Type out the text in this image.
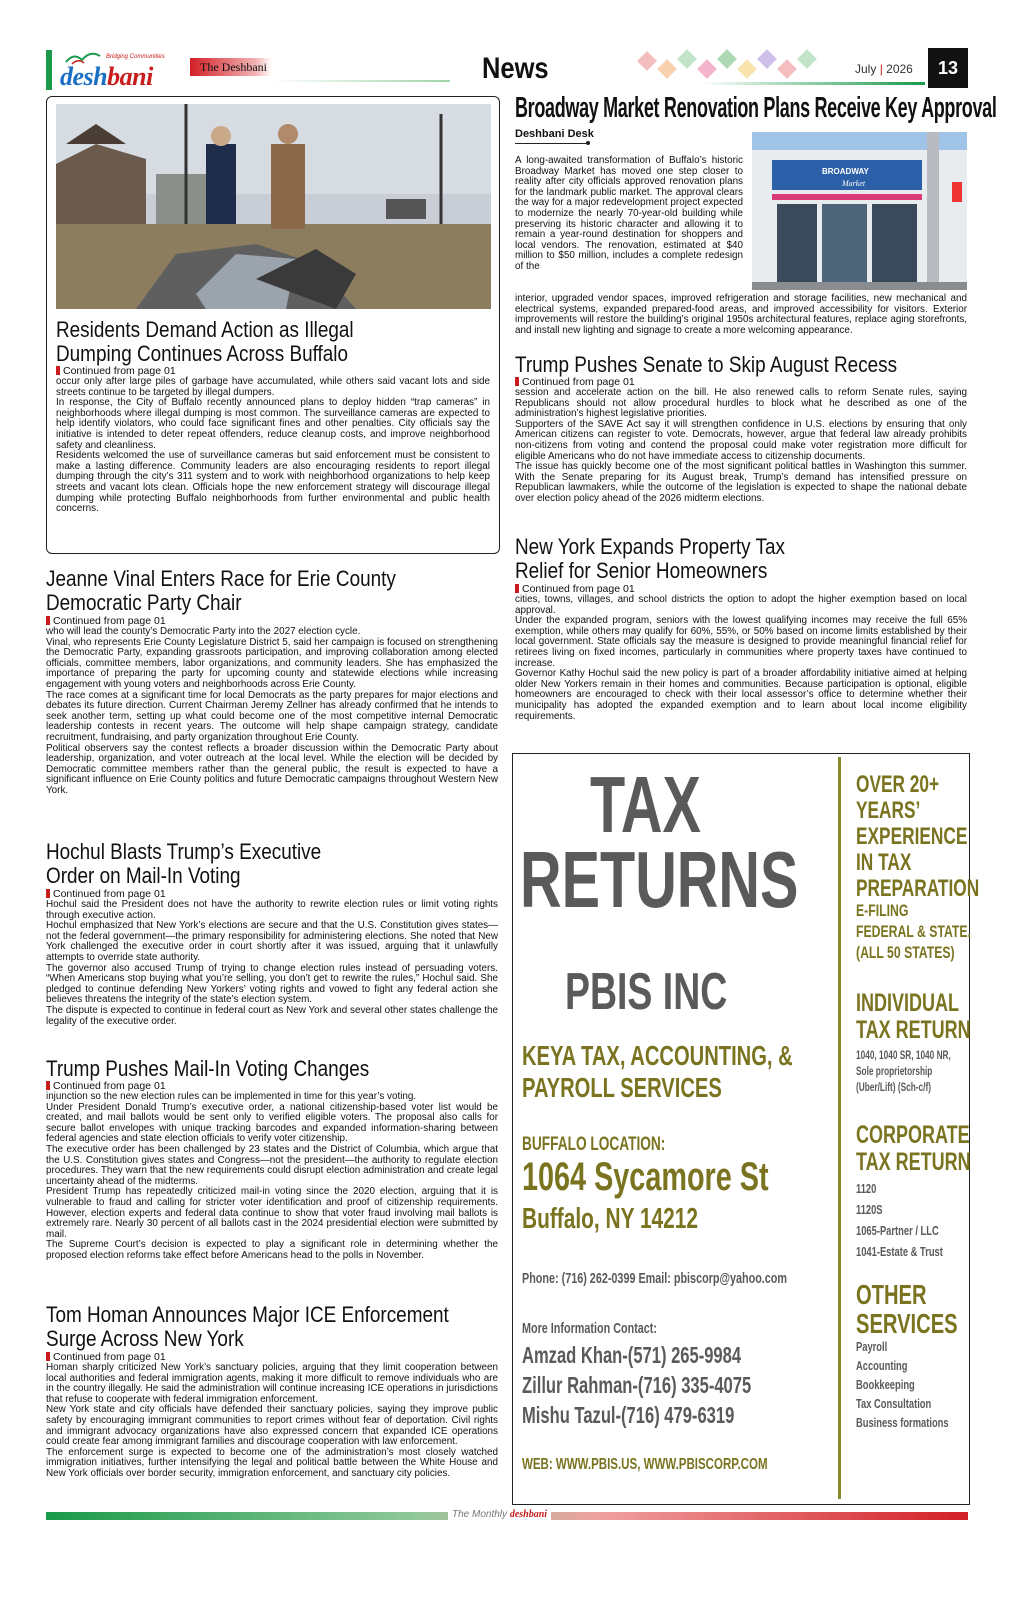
Bridging Communities
deshbani	The Deshbani	News	July | 2026	13
Residents Demand Action as Illegal
Dumping Continues Across Buffalo
Continued from page 01

occur only after large piles of garbage have accumulated, while others said vacant lots and side streets continue to be targeted by illegal dumpers.

In response, the City of Buffalo recently announced plans to deploy hidden “trap cameras” in neighborhoods where illegal dumping is most common. The surveillance cameras are expected to help identify violators, who could face significant fines and other penalties. City officials say the initiative is intended to deter repeat offenders, reduce cleanup costs, and improve neighborhood safety and cleanliness.

Residents welcomed the use of surveillance cameras but said enforcement must be consistent to make a lasting difference. Community leaders are also encouraging residents to report illegal dumping through the city’s 311 system and to work with neighborhood organizations to help keep streets and vacant lots clean. Officials hope the new enforcement strategy will discourage illegal dumping while protecting Buffalo neighborhoods from further environmental and public health concerns.

Broadway Market Renovation Plans Receive Key Approval
Deshbani Desk
BROADWAY
Market
A long-awaited transformation of Buffalo’s historic Broadway Market has moved one step closer to reality after city officials approved renovation plans for the landmark public market. The approval clears the way for a major redevelopment project expected to modernize the nearly 70-year-old building while preserving its historic character and allowing it to remain a year-round destination for shoppers and local vendors. The renovation, estimated at $40 million to $50 million, includes a complete redesign of the
interior, upgraded vendor spaces, improved refrigeration and storage facilities, new mechanical and electrical systems, expanded prepared-food areas, and improved accessibility for visitors. Exterior improvements will restore the building’s original 1950s architectural features, replace aging storefronts, and install new lighting and signage to create a more welcoming appearance.
Trump Pushes Senate to Skip August Recess
Continued from page 01

session and accelerate action on the bill. He also renewed calls to reform Senate rules, saying Republicans should not allow procedural hurdles to block what he described as one of the administration’s highest legislative priorities.

Supporters of the SAVE Act say it will strengthen confidence in U.S. elections by ensuring that only American citizens can register to vote. Democrats, however, argue that federal law already prohibits non-citizens from voting and contend the proposal could make voter registration more difficult for eligible Americans who do not have immediate access to citizenship documents.

The issue has quickly become one of the most significant political battles in Washington this summer. With the Senate preparing for its August break, Trump’s demand has intensified pressure on Republican lawmakers, while the outcome of the legislation is expected to shape the national debate over election policy ahead of the 2026 midterm elections.

New York Expands Property Tax
Relief for Senior Homeowners
Continued from page 01

cities, towns, villages, and school districts the option to adopt the higher exemption based on local approval.

Under the expanded program, seniors with the lowest qualifying incomes may receive the full 65% exemption, while others may qualify for 60%, 55%, or 50% based on income limits established by their local government. State officials say the measure is designed to provide meaningful financial relief for retirees living on fixed incomes, particularly in communities where property taxes have continued to increase.

Governor Kathy Hochul said the new policy is part of a broader affordability initiative aimed at helping older New Yorkers remain in their homes and communities. Because participation is optional, eligible homeowners are encouraged to check with their local assessor’s office to determine whether their municipality has adopted the expanded exemption and to learn about local income eligibility requirements.

Jeanne Vinal Enters Race for Erie County
Democratic Party Chair
Continued from page 01

who will lead the county’s Democratic Party into the 2027 election cycle.

Vinal, who represents Erie County Legislature District 5, said her campaign is focused on strengthening the Democratic Party, expanding grassroots participation, and improving collaboration among elected officials, committee members, labor organizations, and community leaders. She has emphasized the importance of preparing the party for upcoming county and statewide elections while increasing engagement with young voters and neighborhoods across Erie County.

The race comes at a significant time for local Democrats as the party prepares for major elections and debates its future direction. Current Chairman Jeremy Zellner has already confirmed that he intends to seek another term, setting up what could become one of the most competitive internal Democratic leadership contests in recent years. The outcome will help shape campaign strategy, candidate recruitment, fundraising, and party organization throughout Erie County.

Political observers say the contest reflects a broader discussion within the Democratic Party about leadership, organization, and voter outreach at the local level. While the election will be decided by Democratic committee members rather than the general public, the result is expected to have a significant influence on Erie County politics and future Democratic campaigns throughout Western New York.

Hochul Blasts Trump’s Executive
Order on Mail-In Voting
Continued from page 01

Hochul said the President does not have the authority to rewrite election rules or limit voting rights through executive action.

Hochul emphasized that New York’s elections are secure and that the U.S. Constitution gives states—not the federal government—the primary responsibility for administering elections. She noted that New York challenged the executive order in court shortly after it was issued, arguing that it unlawfully attempts to override state authority.

The governor also accused Trump of trying to change election rules instead of persuading voters. “When Americans stop buying what you’re selling, you don’t get to rewrite the rules,” Hochul said. She pledged to continue defending New Yorkers’ voting rights and vowed to fight any federal action she believes threatens the integrity of the state’s election system.

The dispute is expected to continue in federal court as New York and several other states challenge the legality of the executive order.

Trump Pushes Mail-In Voting Changes
Continued from page 01

injunction so the new election rules can be implemented in time for this year’s voting.

Under President Donald Trump’s executive order, a national citizenship-based voter list would be created, and mail ballots would be sent only to verified eligible voters. The proposal also calls for secure ballot envelopes with unique tracking barcodes and expanded information-sharing between federal agencies and state election officials to verify voter citizenship.

The executive order has been challenged by 23 states and the District of Columbia, which argue that the U.S. Constitution gives states and Congress—not the president—the authority to regulate election procedures. They warn that the new requirements could disrupt election administration and create legal uncertainty ahead of the midterms.

President Trump has repeatedly criticized mail-in voting since the 2020 election, arguing that it is vulnerable to fraud and calling for stricter voter identification and proof of citizenship requirements. However, election experts and federal data continue to show that voter fraud involving mail ballots is extremely rare. Nearly 30 percent of all ballots cast in the 2024 presidential election were submitted by mail.

The Supreme Court’s decision is expected to play a significant role in determining whether the proposed election reforms take effect before Americans head to the polls in November.

Tom Homan Announces Major ICE Enforcement
Surge Across New York
Continued from page 01

Homan sharply criticized New York’s sanctuary policies, arguing that they limit cooperation between local authorities and federal immigration agents, making it more difficult to remove individuals who are in the country illegally. He said the administration will continue increasing ICE operations in jurisdictions that refuse to cooperate with federal immigration enforcement.

New York state and city officials have defended their sanctuary policies, saying they improve public safety by encouraging immigrant communities to report crimes without fear of deportation. Civil rights and immigrant advocacy organizations have also expressed concern that expanded ICE operations could create fear among immigrant families and discourage cooperation with law enforcement.

The enforcement surge is expected to become one of the administration’s most closely watched immigration initiatives, further intensifying the legal and political battle between the White House and New York officials over border security, immigration enforcement, and sanctuary city policies.

TAX
RETURNS
PBIS INC
KEYA TAX, ACCOUNTING, &
PAYROLL SERVICES
BUFFALO LOCATION:
1064 Sycamore St
Buffalo, NY 14212
Phone: (716) 262-0399 Email: pbiscorp@yahoo.com
More Information Contact:
Amzad Khan-(571) 265-9984
Zillur Rahman-(716) 335-4075
Mishu Tazul-(716) 479-6319
WEB: WWW.PBIS.US, WWW.PBISCORP.COM
OVER 20+
YEARS’
EXPERIENCE
IN TAX
PREPARATION
E-FILING
FEDERAL & STATE.
(ALL 50 STATES)
INDIVIDUAL
TAX RETURN
1040, 1040 SR, 1040 NR,
Sole proprietorship
(Uber/Lift) (Sch-c/f)
CORPORATE
TAX RETURN
1120
1120S
1065-Partner / LLC
1041-Estate & Trust
OTHER
SERVICES
Payroll
Accounting
Bookkeeping
Tax Consultation
Business formations
The Monthly deshbani
